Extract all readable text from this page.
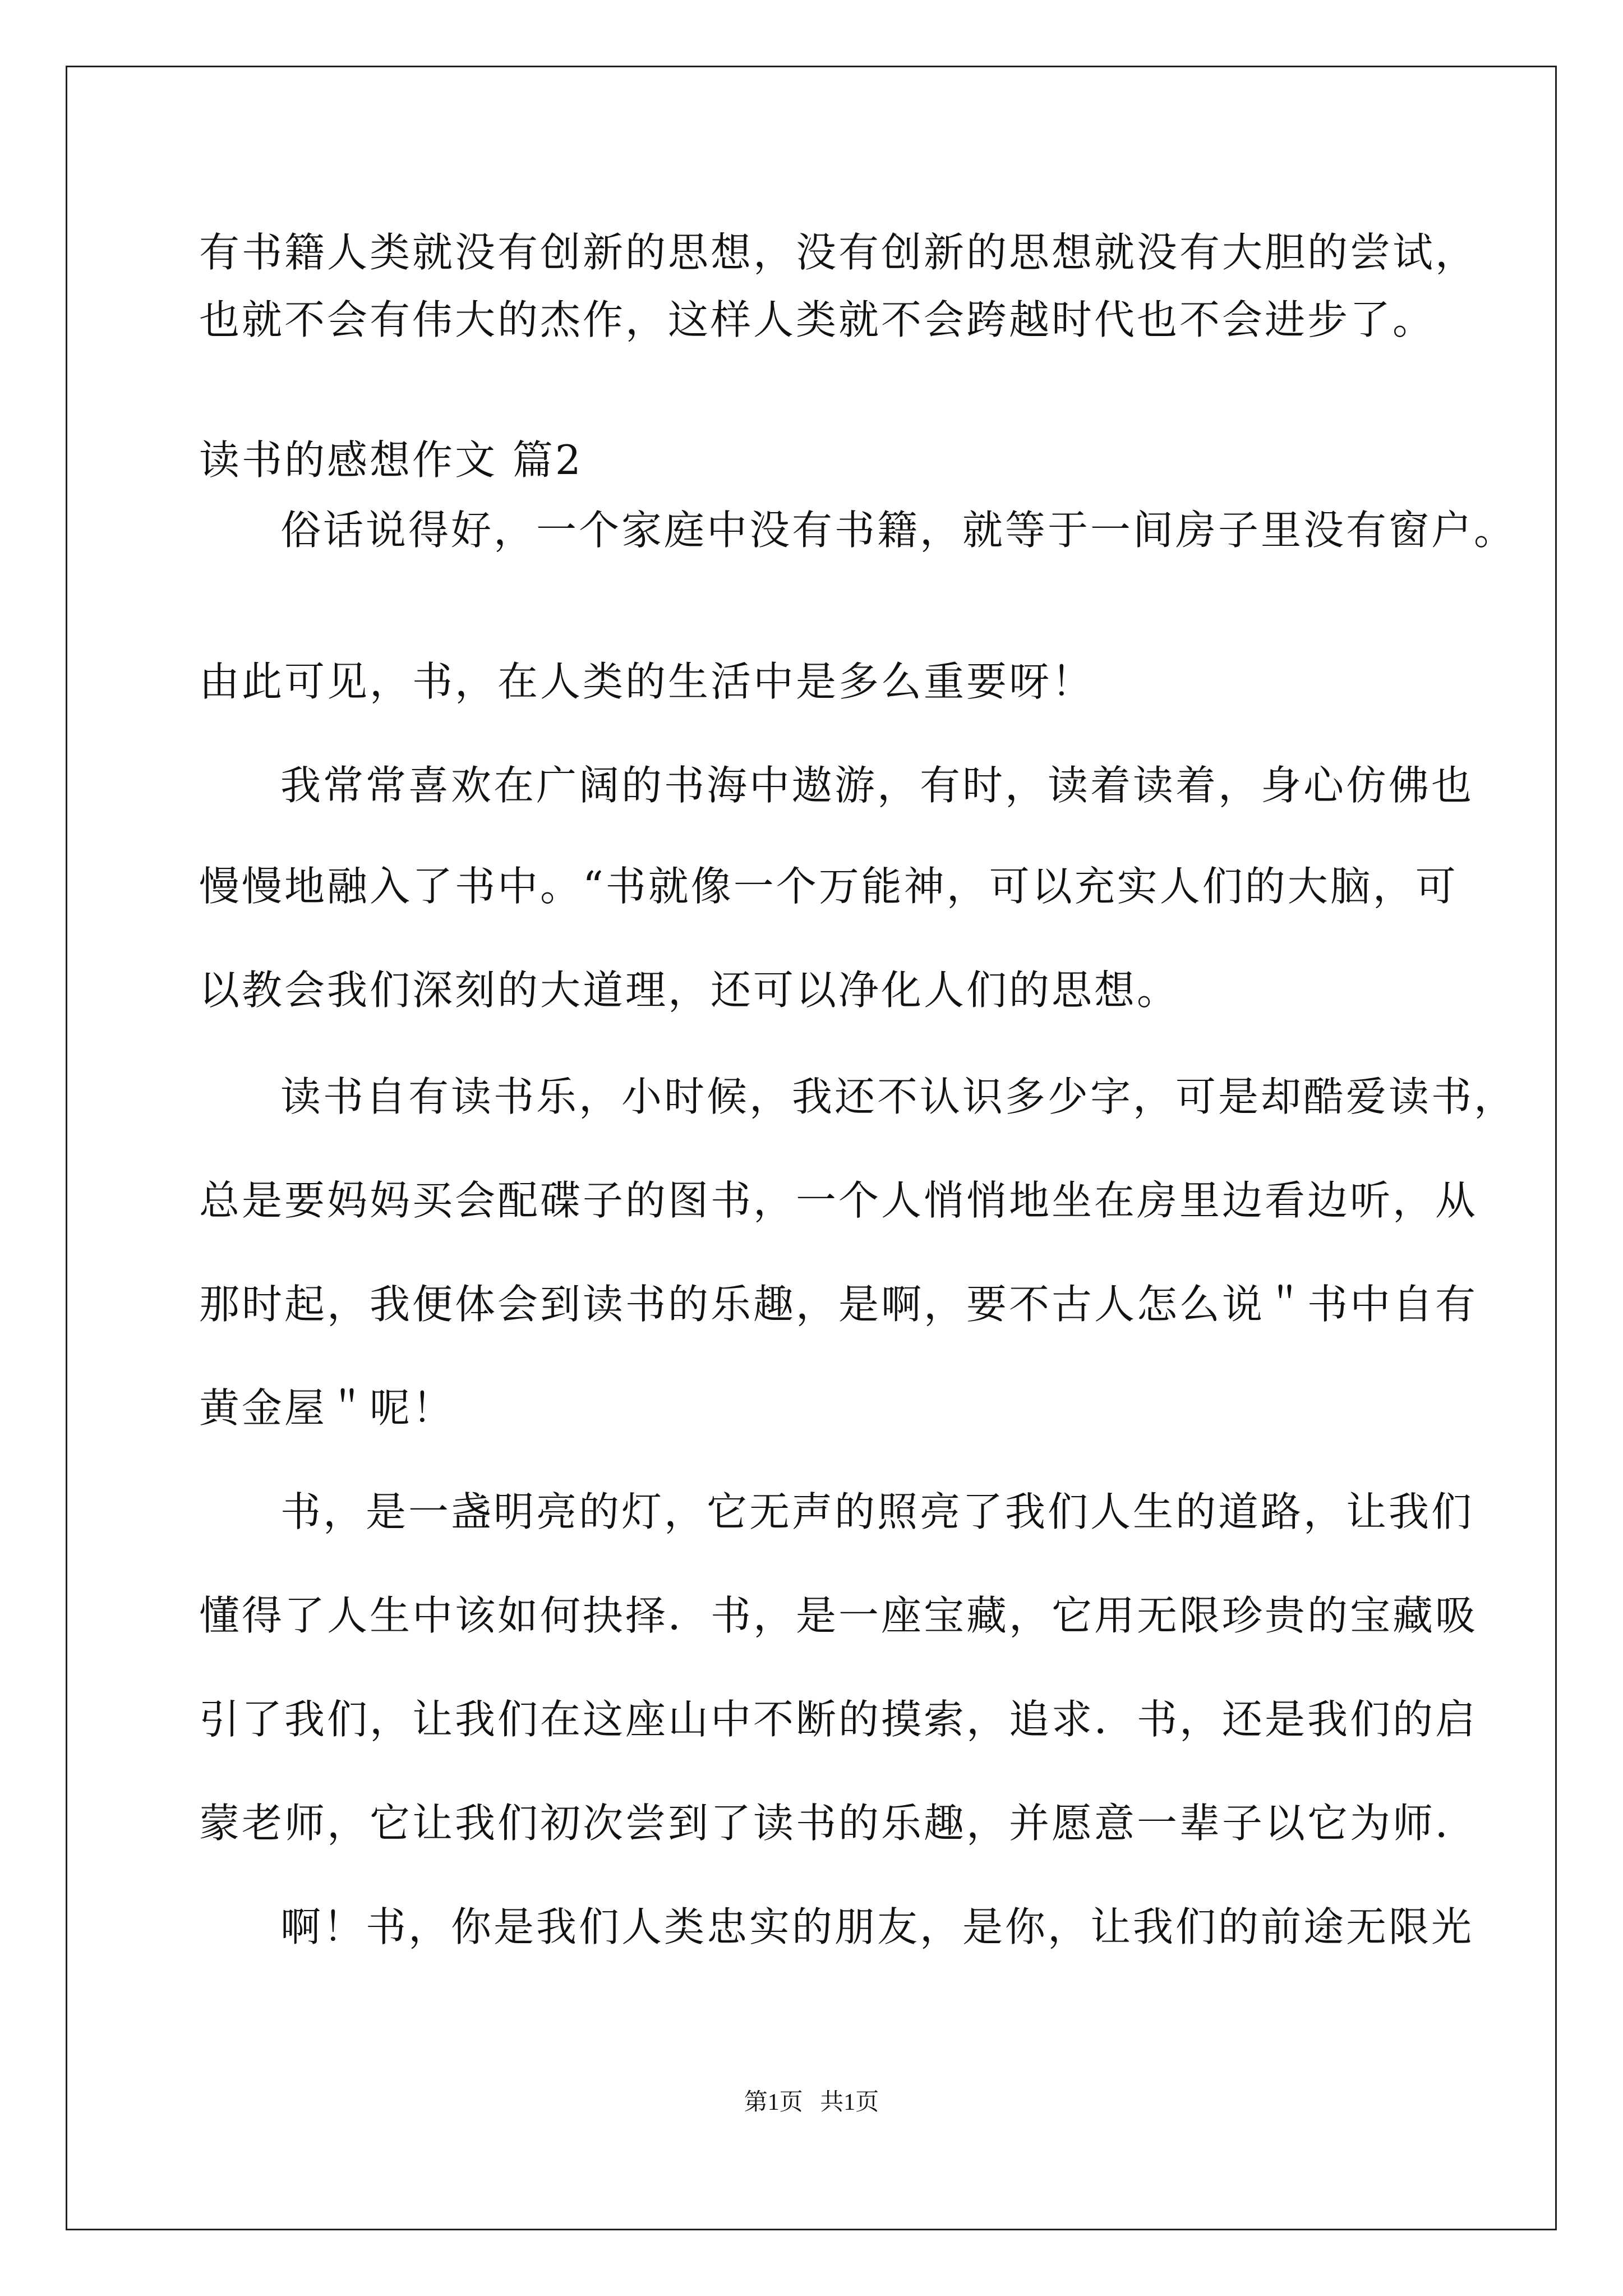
有书籍人类就没有创新的思想，没有创新的思想就没有大胆的尝试，
也就不会有伟大的杰作，这样人类就不会跨越时代也不会进步了。
读书的感想作文 篇2
俗话说得好，一个家庭中没有书籍，就等于一间房子里没有窗户。
由此可见，书，在人类的生活中是多么重要呀！
我常常喜欢在广阔的书海中遨游，有时，读着读着，身心仿佛也
慢慢地融入了书中。“书就像一个万能神，可以充实人们的大脑，可
以教会我们深刻的大道理，还可以净化人们的思想。
读书自有读书乐，小时候，我还不认识多少字，可是却酷爱读书，
总是要妈妈买会配碟子的图书，一个人悄悄地坐在房里边看边听，从
那时起，我便体会到读书的乐趣，是啊，要不古人怎么说＂书中自有
黄金屋＂呢！
书，是一盏明亮的灯，它无声的照亮了我们人生的道路，让我们
懂得了人生中该如何抉择．书，是一座宝藏，它用无限珍贵的宝藏吸
引了我们，让我们在这座山中不断的摸索，追求．书，还是我们的启
蒙老师，它让我们初次尝到了读书的乐趣，并愿意一辈子以它为师．
啊！书，你是我们人类忠实的朋友，是你，让我们的前途无限光
第1页 共1页
